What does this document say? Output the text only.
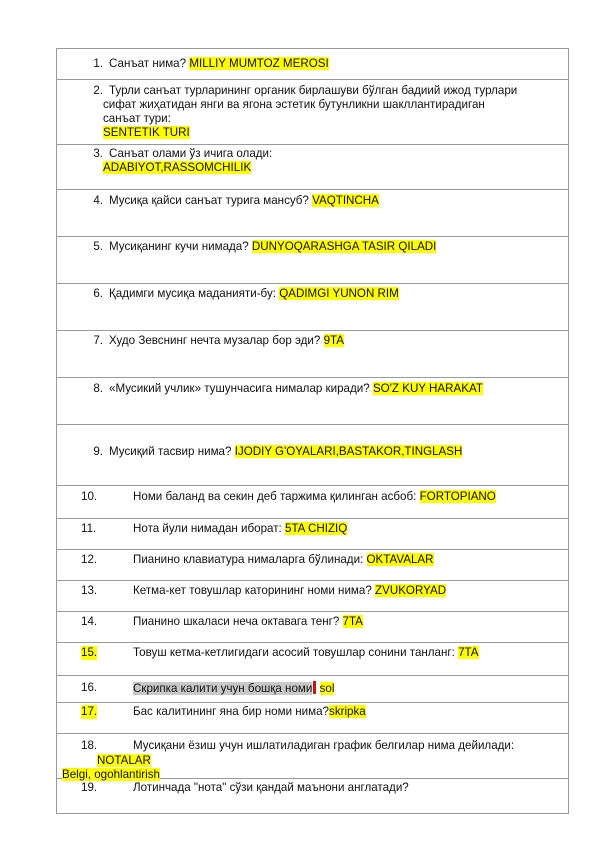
1. Санъат нима? MILLIY MUMTOZ MEROSI

2. Турли санъат турларининг органик бирлашуви бўлган бадиий ижод турлари
сифат жиҳатидан янги ва ягона эстетик бутунликни шакллантирадиган
санъат тури:
SENTETIK TURI

3. Санъат олами ўз ичига олади:
ADABIYOT,RASSOMCHILIK

4. Мусиқа қайси санъат турига мансуб? VAQTINCHA

5. Мусиқанинг кучи нимада? DUNYOQARASHGA TASIR QILADI

6. Қадимги мусиқа маданияти-бу: QADIMGI YUNON RIM

7. Худо Зевснинг нечта музалар бор эди? 9TA

8. «Мусикий учлик» тушунчасига нималар киради? SO'Z KUY HARAKAT

9. Мусиқий тасвир нима? IJODIY G'OYALARI,BASTAKOR,TINGLASH

10.	Номи баланд ва секин деб таржима қилинган асбоб: FORTOPIANO

11.	Нота йули нимадан иборат: 5TA CHIZIQ

12.	Пианино клавиатура нималарга бўлинади: OKTAVALAR

13.	Кетма-кет товушлар каторининг номи нима? ZVUKORYAD

14.	Пианино шкаласи неча октавага тенг? 7TA

15.	Товуш кетма-кетлигидаги асосий товушлар сонини танланг: 7TA

16.	Скрипка калити учун бошқа номи sol

17.	Бас калитининг яна бир номи нима?skripka

18.	Мусиқани ёзиш учун ишлатиладиган график белгилар нима дейилади:
NOTALAR

19.	Лотинчада "нота" сўзи қандай маънони англатади?
Belgi, ogohlantirish
